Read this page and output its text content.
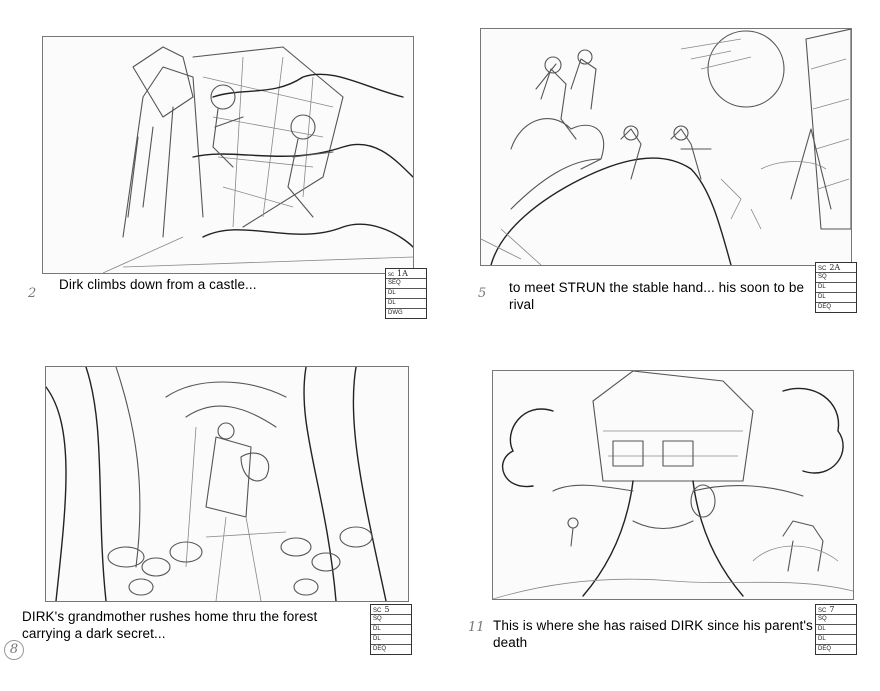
2
Dirk climbs down from a castle...
sc 1A
SEQ
DL
DL
DWG
5 to meet STRUN the stable hand... his soon to be rival
SC 2A
SQ
DL
DL
DEQ
8
DIRK's grandmother rushes home thru the forest carrying a dark secret...
SC 5
SQ
DL
DL
DEQ
11 This is where she has raised DIRK since his parent's death
SC 7
SQ
DL
DL
DEQ
